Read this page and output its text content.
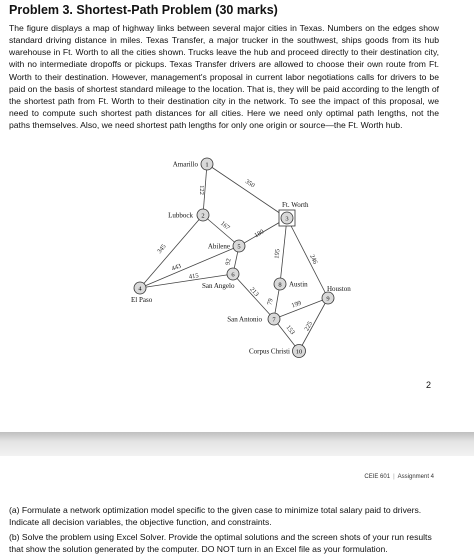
Problem 3. Shortest-Path Problem (30 marks)

The figure displays a map of highway links between several major cities in Texas. Numbers on the edges show standard driving distance in miles. Texas Transfer, a major trucker in the southwest, ships goods from its hub warehouse in Ft. Worth to all the cities shown. Trucks leave the hub and proceed directly to their destination city, with no intermediate dropoffs or pickups. Texas Transfer drivers are allowed to choose their own route from Ft. Worth to their destination. However, management's proposal in current labor negotiations calls for drivers to be paid on the basis of shortest standard mileage to the location. That is, they will be paid according to the length of the shortest path from Ft. Worth to their destination city in the network. To see the impact of this proposal, we need to compute such shortest path distances for all cities. Here we need only optimal path lengths, not the paths themselves. Also, we need shortest path lengths for only one origin or source—the Ft. Worth hub.

122
350
167
345
180
195	246
443
415
92
213
79 199
153 225
1
2	3
4
5
6
7
8
9
10
Amarillo
Lubbock
Ft. Worth
El Paso
Abilene
San Angelo
San Antonio
Austin
Houston
Corpus Christi
2
CEIE 601 | Assignment 4

(a) Formulate a network optimization model specific to the given case to minimize total salary paid to drivers. Indicate all decision variables, the objective function, and constraints.

(b) Solve the problem using Excel Solver. Provide the optimal solutions and the screen shots of your run results that show the solution generated by the computer. DO NOT turn in an Excel file as your formulation.
